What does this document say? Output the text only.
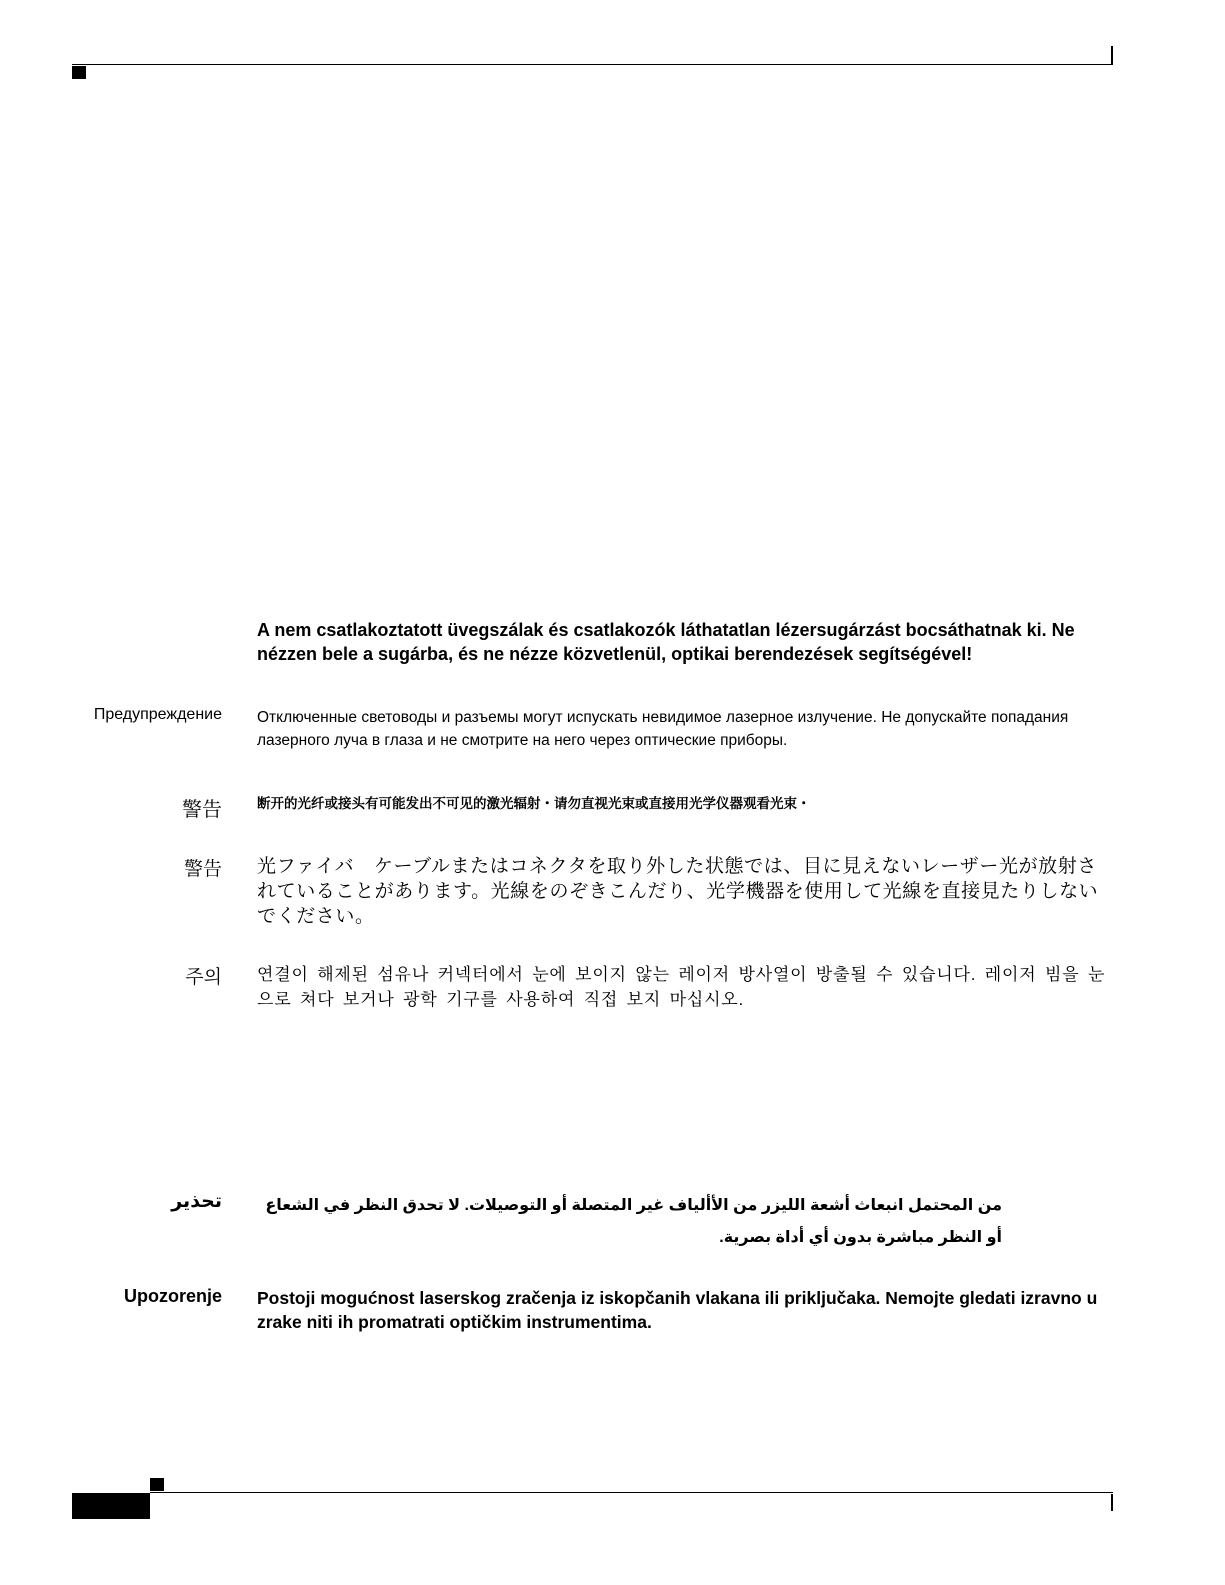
A nem csatlakoztatott üvegszálak és csatlakozók láthatatlan lézersugárzást bocsáthatnak ki. Ne nézzen bele a sugárba, és ne nézze közvetlenül, optikai berendezések segítségével!
Предупреждение Отключенные световоды и разъемы могут испускать невидимое лазерное излучение. Не допускайте попадания лазерного луча в глаза и не смотрите на него через оптические приборы.
警告	断开的光纤或接头有可能发出不可见的激光辐射・请勿直视光束或直接用光学仪器观看光束・
警告 光ファイバ　ケーブルまたはコネクタを取り外した状態では、目に見えないレーザー光が放射されていることがあります。光線をのぞきこんだり、光学機器を使用して光線を直接見たりしないでください。
주의 연결이 해제된 섬유나 커넥터에서 눈에 보이지 않는 레이저 방사열이 방출될 수 있습니다. 레이저 빔을 눈으로 쳐다 보거나 광학 기구를 사용하여 직접 보지 마십시오.
تحذير	من المحتمل انبعاث أشعة الليزر من الأألياف غير المتصلة أو التوصيلات. لا تحدق النظر في الشعاع أو النظر مباشرة بدون أي أداة بصرية.
Upozorenje Postoji mogućnost laserskog zračenja iz iskopčanih vlakana ili priključaka. Nemojte gledati izravno u zrake niti ih promatrati optičkim instrumentima.
